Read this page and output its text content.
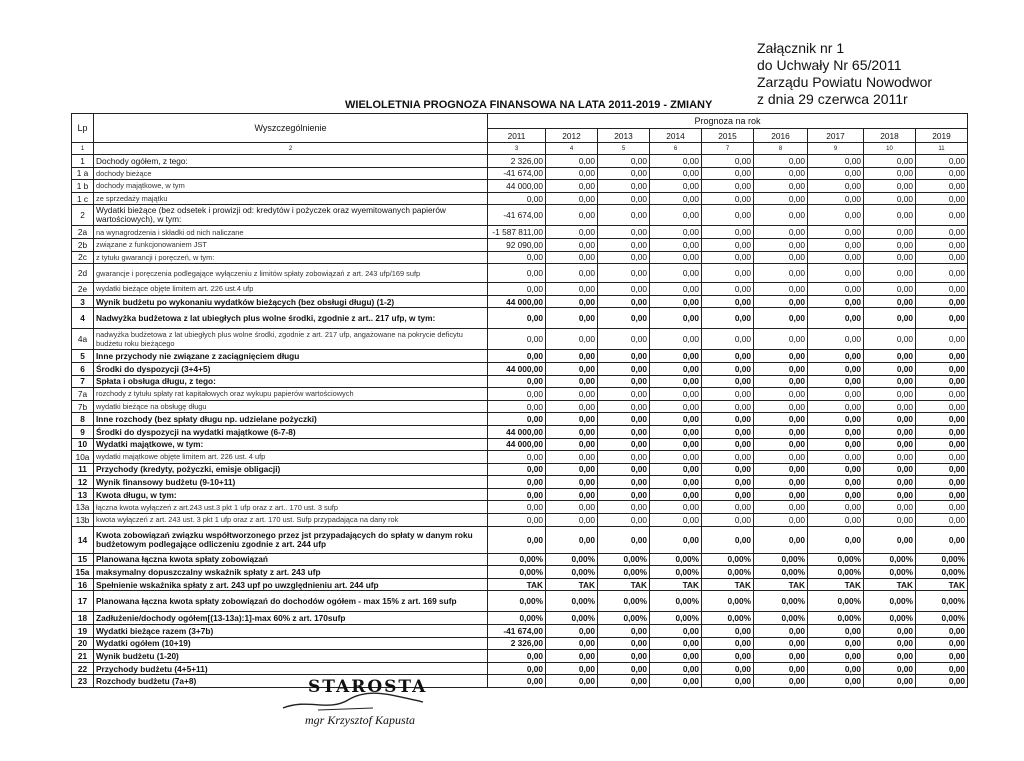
Załącznik nr 1
do Uchwały Nr 65/2011
Zarządu Powiatu Nowodwor
z dnia 29 czerwca 2011r
WIELOLETNIA PROGNOZA FINANSOWA NA LATA 2011-2019 - ZMIANY
Lp	Wyszczególnienie	Prognoza na rok								
		2011	2012	2013	2014	2015	2016	2017	2018	2019
1	2	3	4	5	6	7	8	9	10	11
1	Dochody ogółem, z tego:	2 326,00	0,00	0,00	0,00	0,00	0,00	0,00	0,00	0,00
1 a	dochody bieżące	-41 674,00	0,00	0,00	0,00	0,00	0,00	0,00	0,00	0,00
1 b	dochody majątkowe, w tym	44 000,00	0,00	0,00	0,00	0,00	0,00	0,00	0,00	0,00
1 c	ze sprzedaży majątku	0,00	0,00	0,00	0,00	0,00	0,00	0,00	0,00	0,00
2	Wydatki bieżące (bez odsetek i prowizji od: kredytów i pożyczek oraz wyemitowanych papierów wartościowych), w tym:	-41 674,00	0,00	0,00	0,00	0,00	0,00	0,00	0,00	0,00
2a	na wynagrodzenia i składki od nich naliczane	-1 587 811,00	0,00	0,00	0,00	0,00	0,00	0,00	0,00	0,00
2b	związane z funkcjonowaniem JST	92 090,00	0,00	0,00	0,00	0,00	0,00	0,00	0,00	0,00
2c	z tytułu gwarancji i poręczeń, w tym:	0,00	0,00	0,00	0,00	0,00	0,00	0,00	0,00	0,00
2d	gwarancje i poręczenia podlegające wyłączeniu z limitów spłaty zobowiązań z art. 243 ufp/169 sufp	0,00	0,00	0,00	0,00	0,00	0,00	0,00	0,00	0,00
2e	wydatki bieżące objęte limitem art. 226 ust.4 ufp	0,00	0,00	0,00	0,00	0,00	0,00	0,00	0,00	0,00
3	Wynik budżetu po wykonaniu wydatków bieżących (bez obsługi długu) (1-2)	44 000,00	0,00	0,00	0,00	0,00	0,00	0,00	0,00	0,00
4	Nadwyżka budżetowa z lat ubiegłych plus wolne środki, zgodnie z art.. 217 ufp, w tym:	0,00	0,00	0,00	0,00	0,00	0,00	0,00	0,00	0,00
4a	nadwyżka budżetowa z lat ubiegłych plus wolne środki, zgodnie z art. 217 ufp, angażowane na pokrycie deficytu budżetu roku bieżącego	0,00	0,00	0,00	0,00	0,00	0,00	0,00	0,00	0,00
5	Inne przychody nie związane z zaciągnięciem długu	0,00	0,00	0,00	0,00	0,00	0,00	0,00	0,00	0,00
6	Środki do dyspozycji (3+4+5)	44 000,00	0,00	0,00	0,00	0,00	0,00	0,00	0,00	0,00
7	Spłata i obsługa długu, z tego:	0,00	0,00	0,00	0,00	0,00	0,00	0,00	0,00	0,00
7a	rozchody z tytułu spłaty rat kapitałowych oraz wykupu papierów wartościowych	0,00	0,00	0,00	0,00	0,00	0,00	0,00	0,00	0,00
7b	wydatki bieżące na obsługę długu	0,00	0,00	0,00	0,00	0,00	0,00	0,00	0,00	0,00
8	Inne rozchody (bez spłaty długu np. udzielane pożyczki)	0,00	0,00	0,00	0,00	0,00	0,00	0,00	0,00	0,00
9	Środki do dyspozycji na wydatki majątkowe (6-7-8)	44 000,00	0,00	0,00	0,00	0,00	0,00	0,00	0,00	0,00
10	Wydatki majątkowe, w tym:	44 000,00	0,00	0,00	0,00	0,00	0,00	0,00	0,00	0,00
10a	wydatki majątkowe objęte limitem art. 226 ust. 4 ufp	0,00	0,00	0,00	0,00	0,00	0,00	0,00	0,00	0,00
11	Przychody (kredyty, pożyczki, emisje obligacji)	0,00	0,00	0,00	0,00	0,00	0,00	0,00	0,00	0,00
12	Wynik finansowy budżetu (9-10+11)	0,00	0,00	0,00	0,00	0,00	0,00	0,00	0,00	0,00
13	Kwota długu, w tym:	0,00	0,00	0,00	0,00	0,00	0,00	0,00	0,00	0,00
13a	łączna kwota wyłączeń z art.243 ust.3 pkt 1 ufp oraz z art.. 170 ust. 3 sufp	0,00	0,00	0,00	0,00	0,00	0,00	0,00	0,00	0,00
13b	kwota wyłączeń z art. 243 ust. 3 pkt 1 ufp oraz z art. 170 ust. Sufp przypadająca na dany rok	0,00	0,00	0,00	0,00	0,00	0,00	0,00	0,00	0,00
14	Kwota zobowiązań związku współtworzonego przez jst przypadających do spłaty w danym roku budżetowym podlegające odliczeniu zgodnie z art. 244 ufp	0,00	0,00	0,00	0,00	0,00	0,00	0,00	0,00	0,00
15	Planowana łączna kwota spłaty zobowiązań	0,00%	0,00%	0,00%	0,00%	0,00%	0,00%	0,00%	0,00%	0,00%
15a	maksymalny dopuszczalny wskaźnik spłaty z art. 243 ufp	0,00%	0,00%	0,00%	0,00%	0,00%	0,00%	0,00%	0,00%	0,00%
16	Spełnienie wskaźnika spłaty z art. 243 upf po uwzględnieniu art. 244 ufp	TAK	TAK	TAK	TAK	TAK	TAK	TAK	TAK	TAK
17	Planowana łączna kwota spłaty zobowiązań do dochodów ogółem - max 15% z art. 169 sufp	0,00%	0,00%	0,00%	0,00%	0,00%	0,00%	0,00%	0,00%	0,00%
18	Zadłużenie/dochody ogółem[(13-13a):1]-max 60% z art. 170sufp	0,00%	0,00%	0,00%	0,00%	0,00%	0,00%	0,00%	0,00%	0,00%
19	Wydatki bieżące razem (3+7b)	-41 674,00	0,00	0,00	0,00	0,00	0,00	0,00	0,00	0,00
20	Wydatki ogółem (10+19)	2 326,00	0,00	0,00	0,00	0,00	0,00	0,00	0,00	0,00
21	Wynik budżetu (1-20)	0,00	0,00	0,00	0,00	0,00	0,00	0,00	0,00	0,00
22	Przychody budżetu (4+5+11)	0,00	0,00	0,00	0,00	0,00	0,00	0,00	0,00	0,00
23	Rozchody budżetu (7a+8)	0,00	0,00	0,00	0,00	0,00	0,00	0,00	0,00	0,00
STAROSTA
mgr Krzysztof Kapusta
